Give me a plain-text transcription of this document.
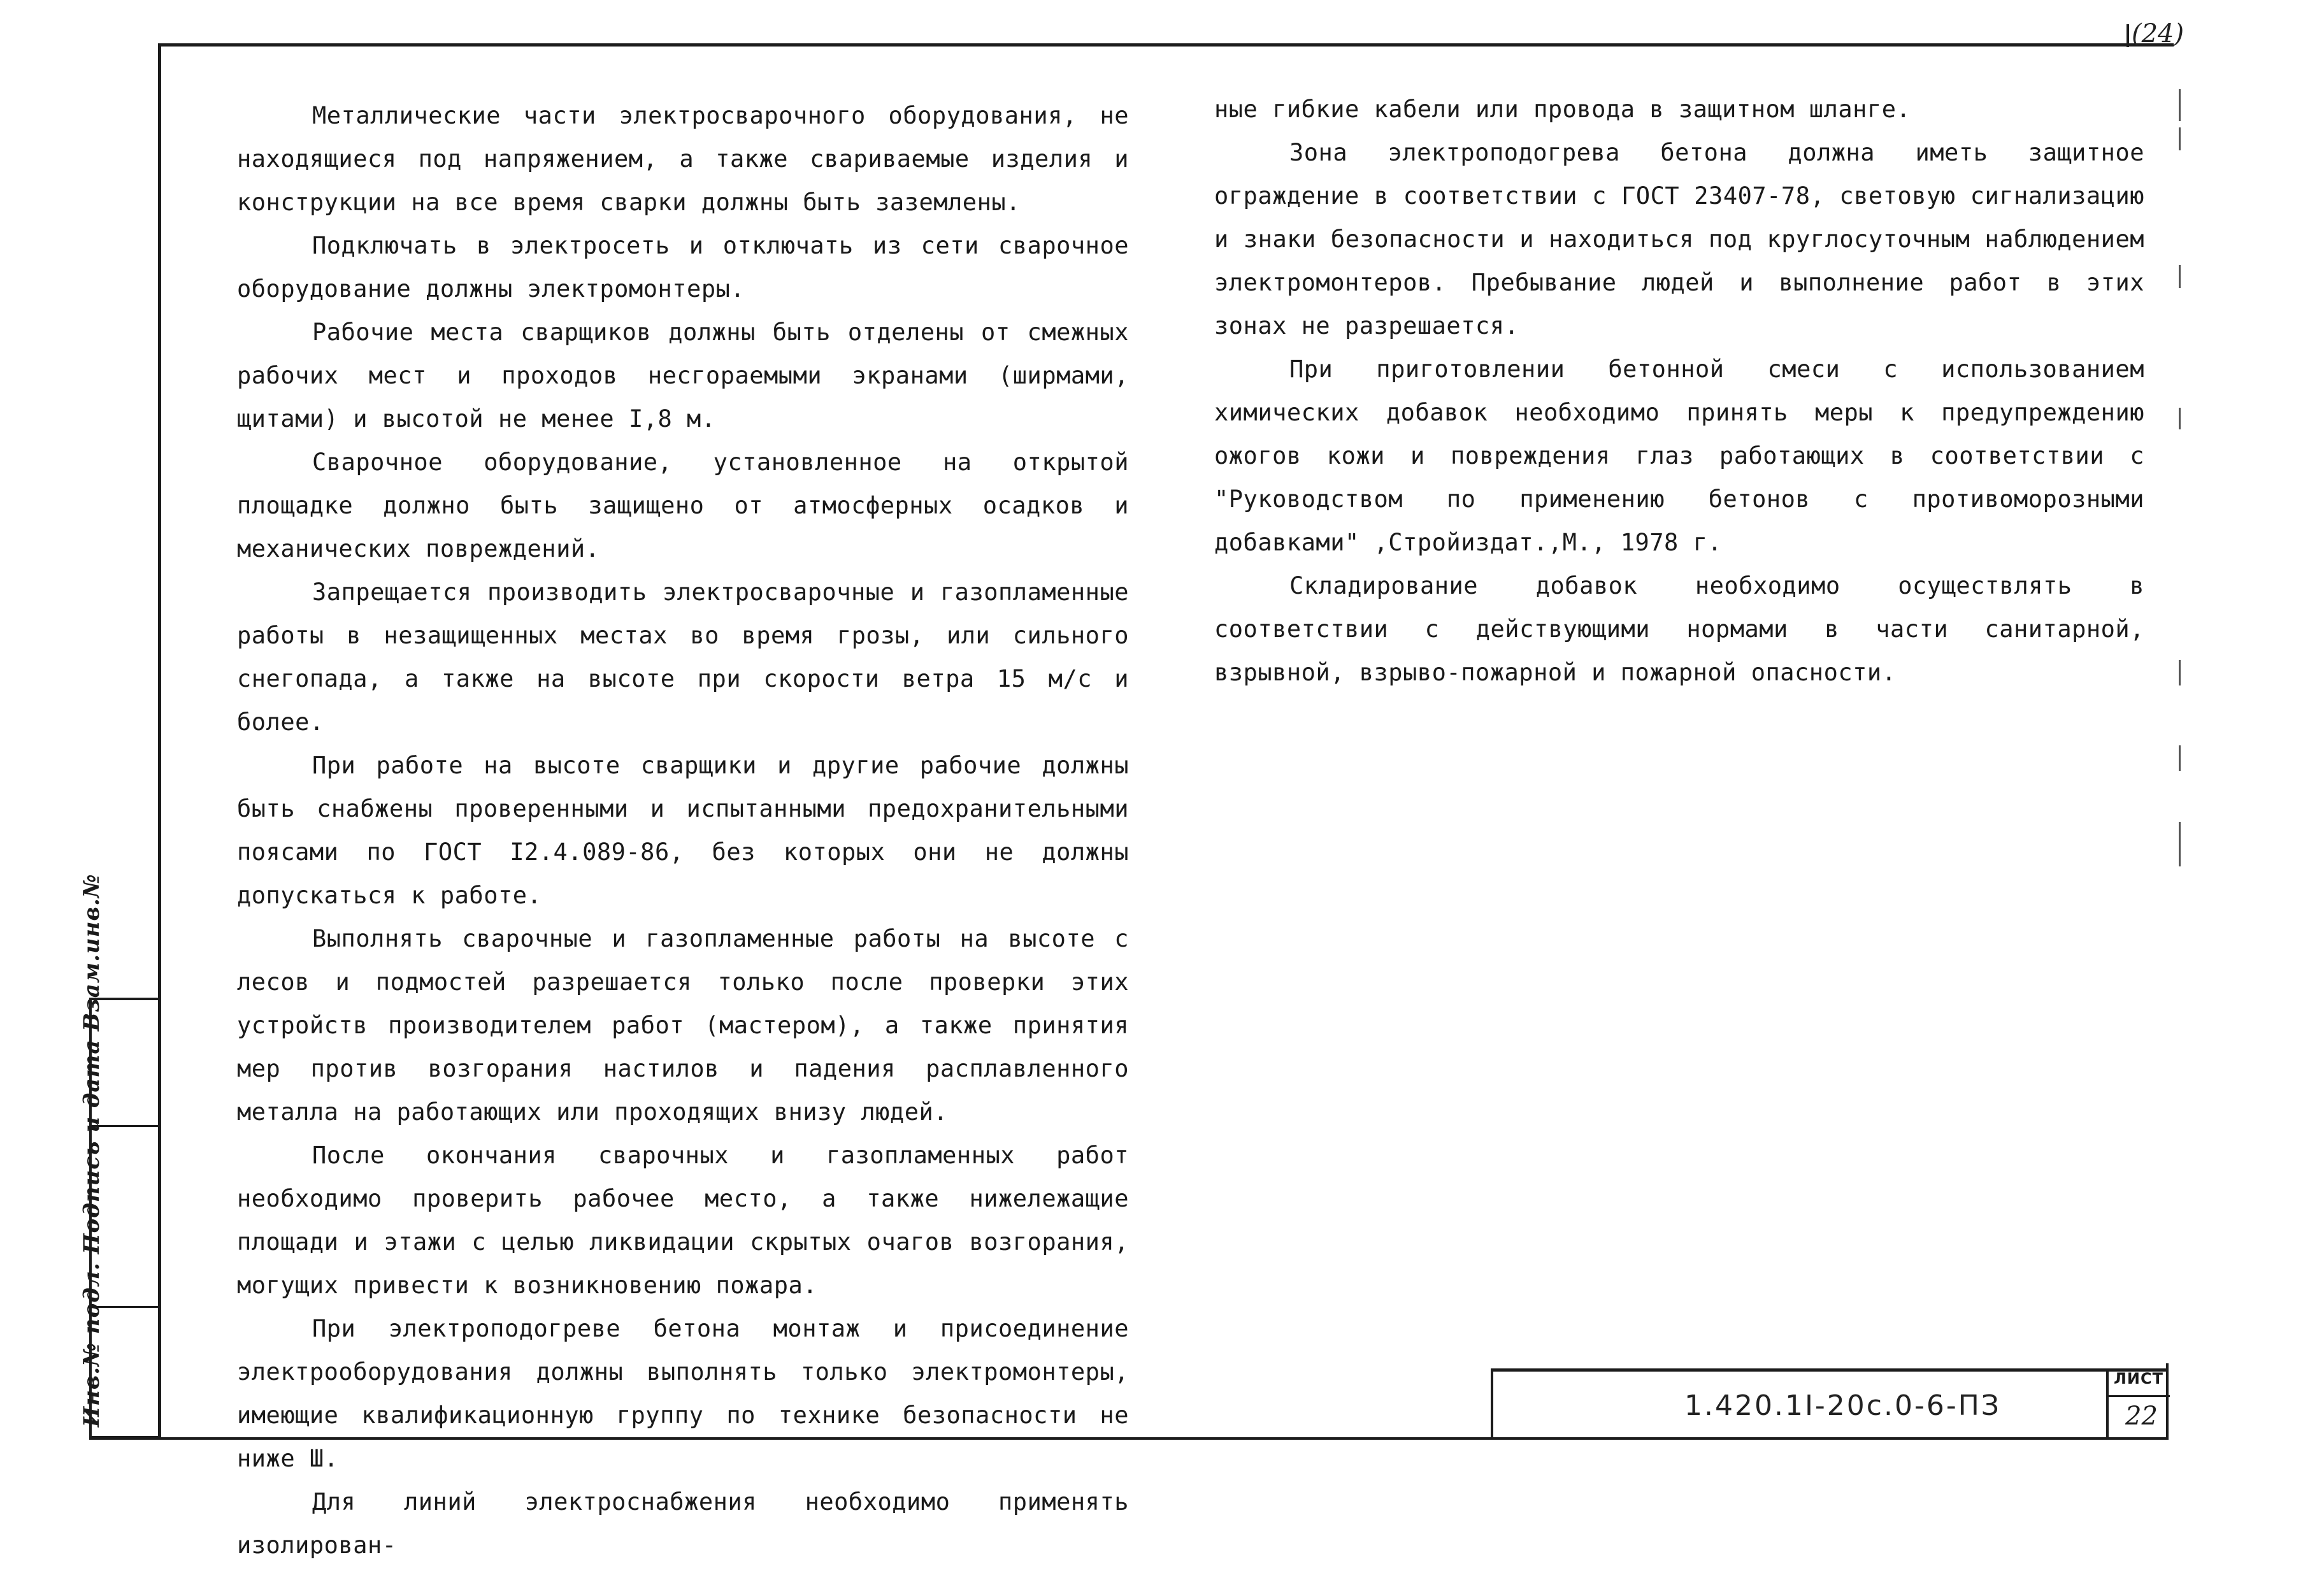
(24)

Металлические части электросварочного оборудования, не находящиеся под напряжением, а также свариваемые изделия и конструкции на все время сварки должны быть заземлены.

Подключать в электросеть и отключать из сети сварочное оборудование должны электромонтеры.

Рабочие места сварщиков должны быть отделены от смежных рабочих мест и проходов несгораемыми экранами (ширмами, щитами) и высотой не менее I,8 м.

Сварочное оборудование, установленное на открытой площадке должно быть защищено от атмосферных осадков и механических повреждений.

Запрещается производить электросварочные и газопламенные работы в незащищенных местах во время грозы, или сильного снегопада, а также на высоте при скорости ветра 15 м/с и более.

При работе на высоте сварщики и другие рабочие должны быть снабжены проверенными и испытанными предохранительными поясами по ГОСТ I2.4.089-86, без которых они не должны допускаться к работе.

Выполнять сварочные и газопламенные работы на высоте с лесов и подмостей разрешается только после проверки этих устройств производителем работ (мастером), а также принятия мер против возгорания настилов и падения расплавленного металла на работающих или проходящих внизу людей.

После окончания сварочных и газопламенных работ необходимо проверить рабочее место, а также нижележащие площади и этажи с целью ликвидации скрытых очагов возгорания, могущих привести к возникновению пожара.

При электроподогреве бетона монтаж и присоединение электрооборудования должны выполнять только электромонтеры, имеющие квалификационную группу по технике безопасности не ниже Ш.

Для линий электроснабжения необходимо применять изолирован-

ные гибкие кабели или провода в защитном шланге.

Зона электроподогрева бетона должна иметь защитное ограждение в соответствии с ГОСТ 23407-78, световую сигнализацию и знаки безопасности и находиться под круглосуточным наблюдением электромонтеров. Пребывание людей и выполнение работ в этих зонах не разрешается.

При приготовлении бетонной смеси с использованием химических добавок необходимо принять меры к предупреждению ожогов кожи и повреждения глаз работающих в соответствии с "Руководством по применению бетонов с противоморозными добавками" ,Стройиздат.,М., 1978 г.

Складирование добавок необходимо осуществлять в соответствии с действующими нормами в части санитарной, взрывной, взрыво-пожарной и пожарной опасности.

1.420.1I-20с.0-6-ПЗ
ЛИСТ
22
Инв.№ подл. Подпись и дата Взам.инв.№
